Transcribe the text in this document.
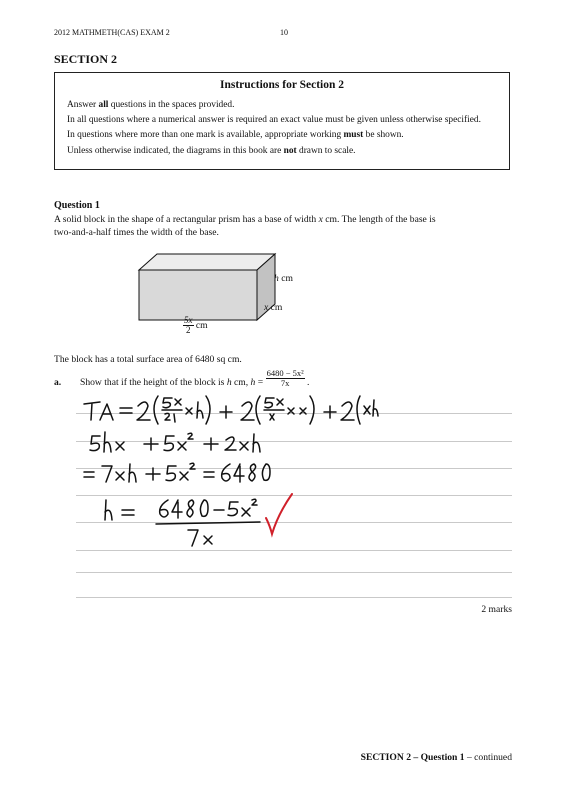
2012 MATHMETH(CAS) EXAM 2	10
SECTION 2
Instructions for Section 2

Answer all questions in the spaces provided.

In all questions where a numerical answer is required an exact value must be given unless otherwise specified.

In questions where more than one mark is available, appropriate working must be shown.

Unless otherwise indicated, the diagrams in this book are not drawn to scale.

Question 1

A solid block in the shape of a rectangular prism has a base of width x cm. The length of the base is

two-and-a-half times the width of the base.

h cm
x cm
$\frac{5x}{2}$ cm
The block has a total surface area of 6480 sq cm.
a. Show that if the height of the block is h cm, $h = \frac{\text{6480 − 5x²}}{7x}$ .
2 marks
SECTION 2 – Question 1 – continued
